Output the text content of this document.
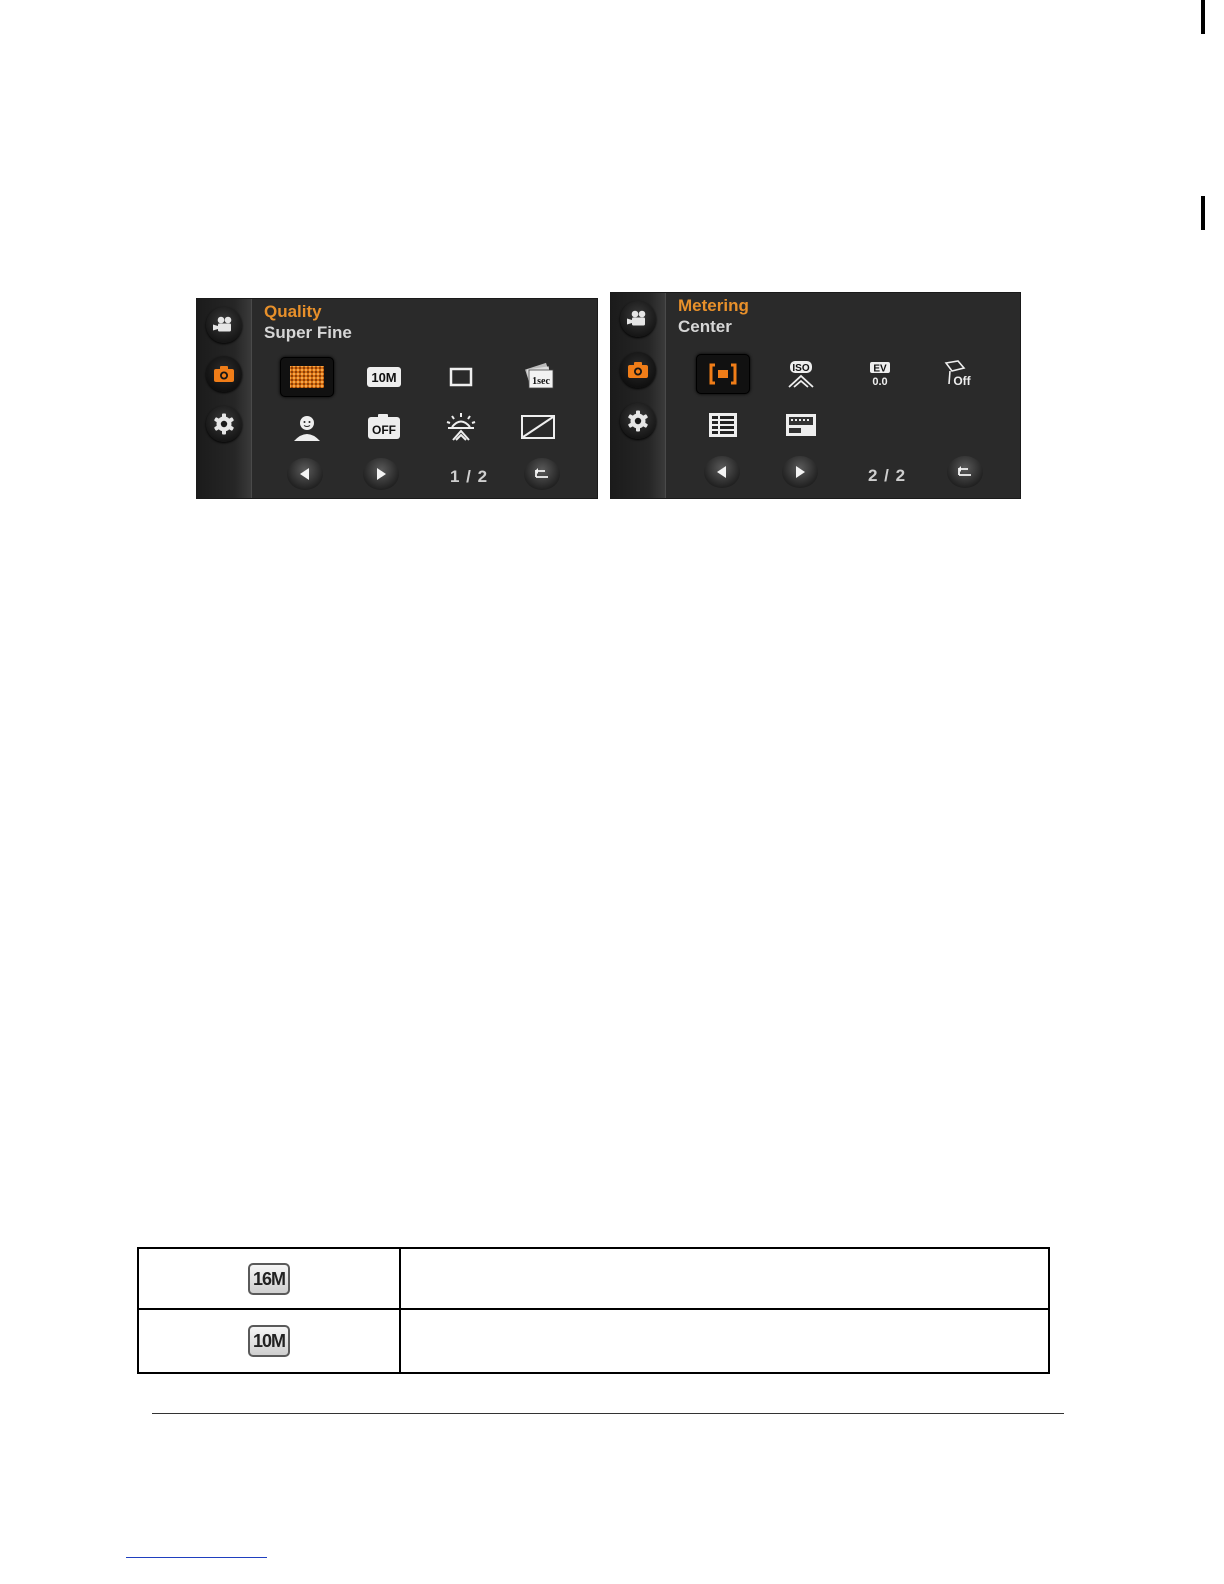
Quality
Super Fine
10M	1sec
OFF
1 / 2
Metering
Center
ISO	EV
0.0	Off
2 / 2
16M	
10M	
